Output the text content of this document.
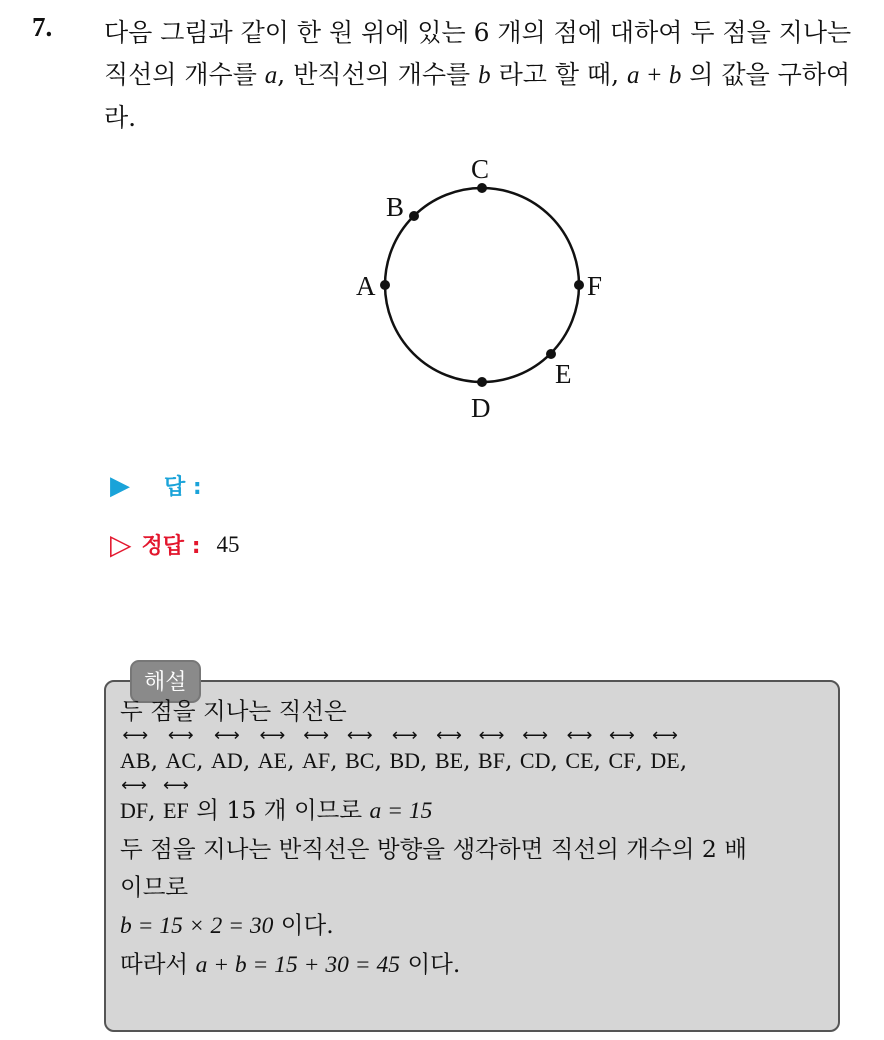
7. 다음 그림과 같이 한 원 위에 있는 6 개의 점에 대하여 두 점을 지나는
직선의 개수를 a, 반직선의 개수를 b 라고 할 때, a + b 의 값을 구하여
라.
A
B
C
D
E
F
▶ 답 :
▷ 정답 : 45
해설
두 점을 지나는 직선은
⟷ AB, ⟷ AC, ⟷ AD, ⟷ AE, ⟷ AF, ⟷ BC, ⟷ BD, ⟷ BE, ⟷ BF, ⟷ CD, ⟷ CE, ⟷ CF, ⟷ DE,
⟷ DF, ⟷ EF 의 15 개 이므로 a = 15
두 점을 지나는 반직선은 방향을 생각하면 직선의 개수의 2 배
이므로
b = 15 × 2 = 30 이다.
따라서 a + b = 15 + 30 = 45 이다.
